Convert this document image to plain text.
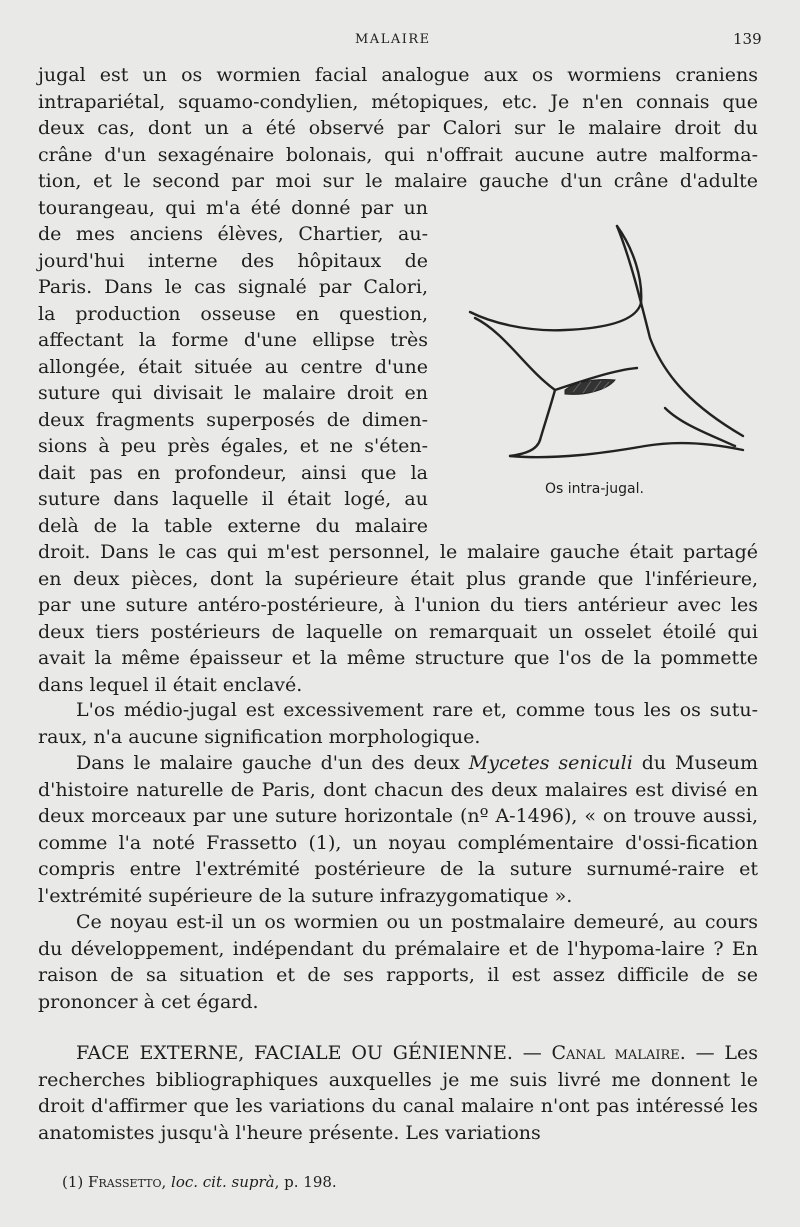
MALAIRE	139
jugal est un os wormien facial analogue aux os wormiens craniens
intrapariétal, squamo-condylien, métopiques, etc. Je n'en connais que
deux cas, dont un a été observé par Calori sur le malaire droit du
crâne d'un sexagénaire bolonais, qui n'offrait aucune autre malforma-
tion, et le second par moi sur le malaire gauche d'un crâne d'adulte
tourangeau, qui m'a été donné par un
de mes anciens élèves, Chartier, au-
jourd'hui interne des hôpitaux de
Paris. Dans le cas signalé par Calori,
la production osseuse en question,
affectant la forme d'une ellipse très
allongée, était située au centre d'une
suture qui divisait le malaire droit en
deux fragments superposés de dimen-
sions à peu près égales, et ne s'éten-
dait pas en profondeur, ainsi que la
suture dans laquelle il était logé, au
delà de la table externe du malaire
droit. Dans le cas qui m'est personnel, le malaire gauche était partagé
en deux pièces, dont la supérieure était plus grande que l'inférieure,
par une suture antéro-postérieure, à l'union du tiers antérieur avec les
deux tiers postérieurs de laquelle on remarquait un osselet étoilé qui
avait la même épaisseur et la même structure que l'os de la pommette
dans lequel il était enclavé.
Os intra-jugal.

L'os médio-jugal est excessivement rare et, comme tous les os sutu-raux, n'a aucune signification morphologique.

Dans le malaire gauche d'un des deux Mycetes seniculi du Museum d'histoire naturelle de Paris, dont chacun des deux malaires est divisé en deux morceaux par une suture horizontale (nº A-1496), « on trouve aussi, comme l'a noté Frassetto (1), un noyau complémentaire d'ossi-fication compris entre l'extrémité postérieure de la suture surnumé-raire et l'extrémité supérieure de la suture infrazygomatique ».

Ce noyau est-il un os wormien ou un postmalaire demeuré, au cours du développement, indépendant du prémalaire et de l'hypoma-laire ? En raison de sa situation et de ses rapports, il est assez difficile de se prononcer à cet égard.

FACE EXTERNE, FACIALE OU GÉNIENNE. — Canal malaire. — Les recherches bibliographiques auxquelles je me suis livré me donnent le droit d'affirmer que les variations du canal malaire n'ont pas intéressé les anatomistes jusqu'à l'heure présente. Les variations

(1) Frassetto, loc. cit. suprà, p. 198.
